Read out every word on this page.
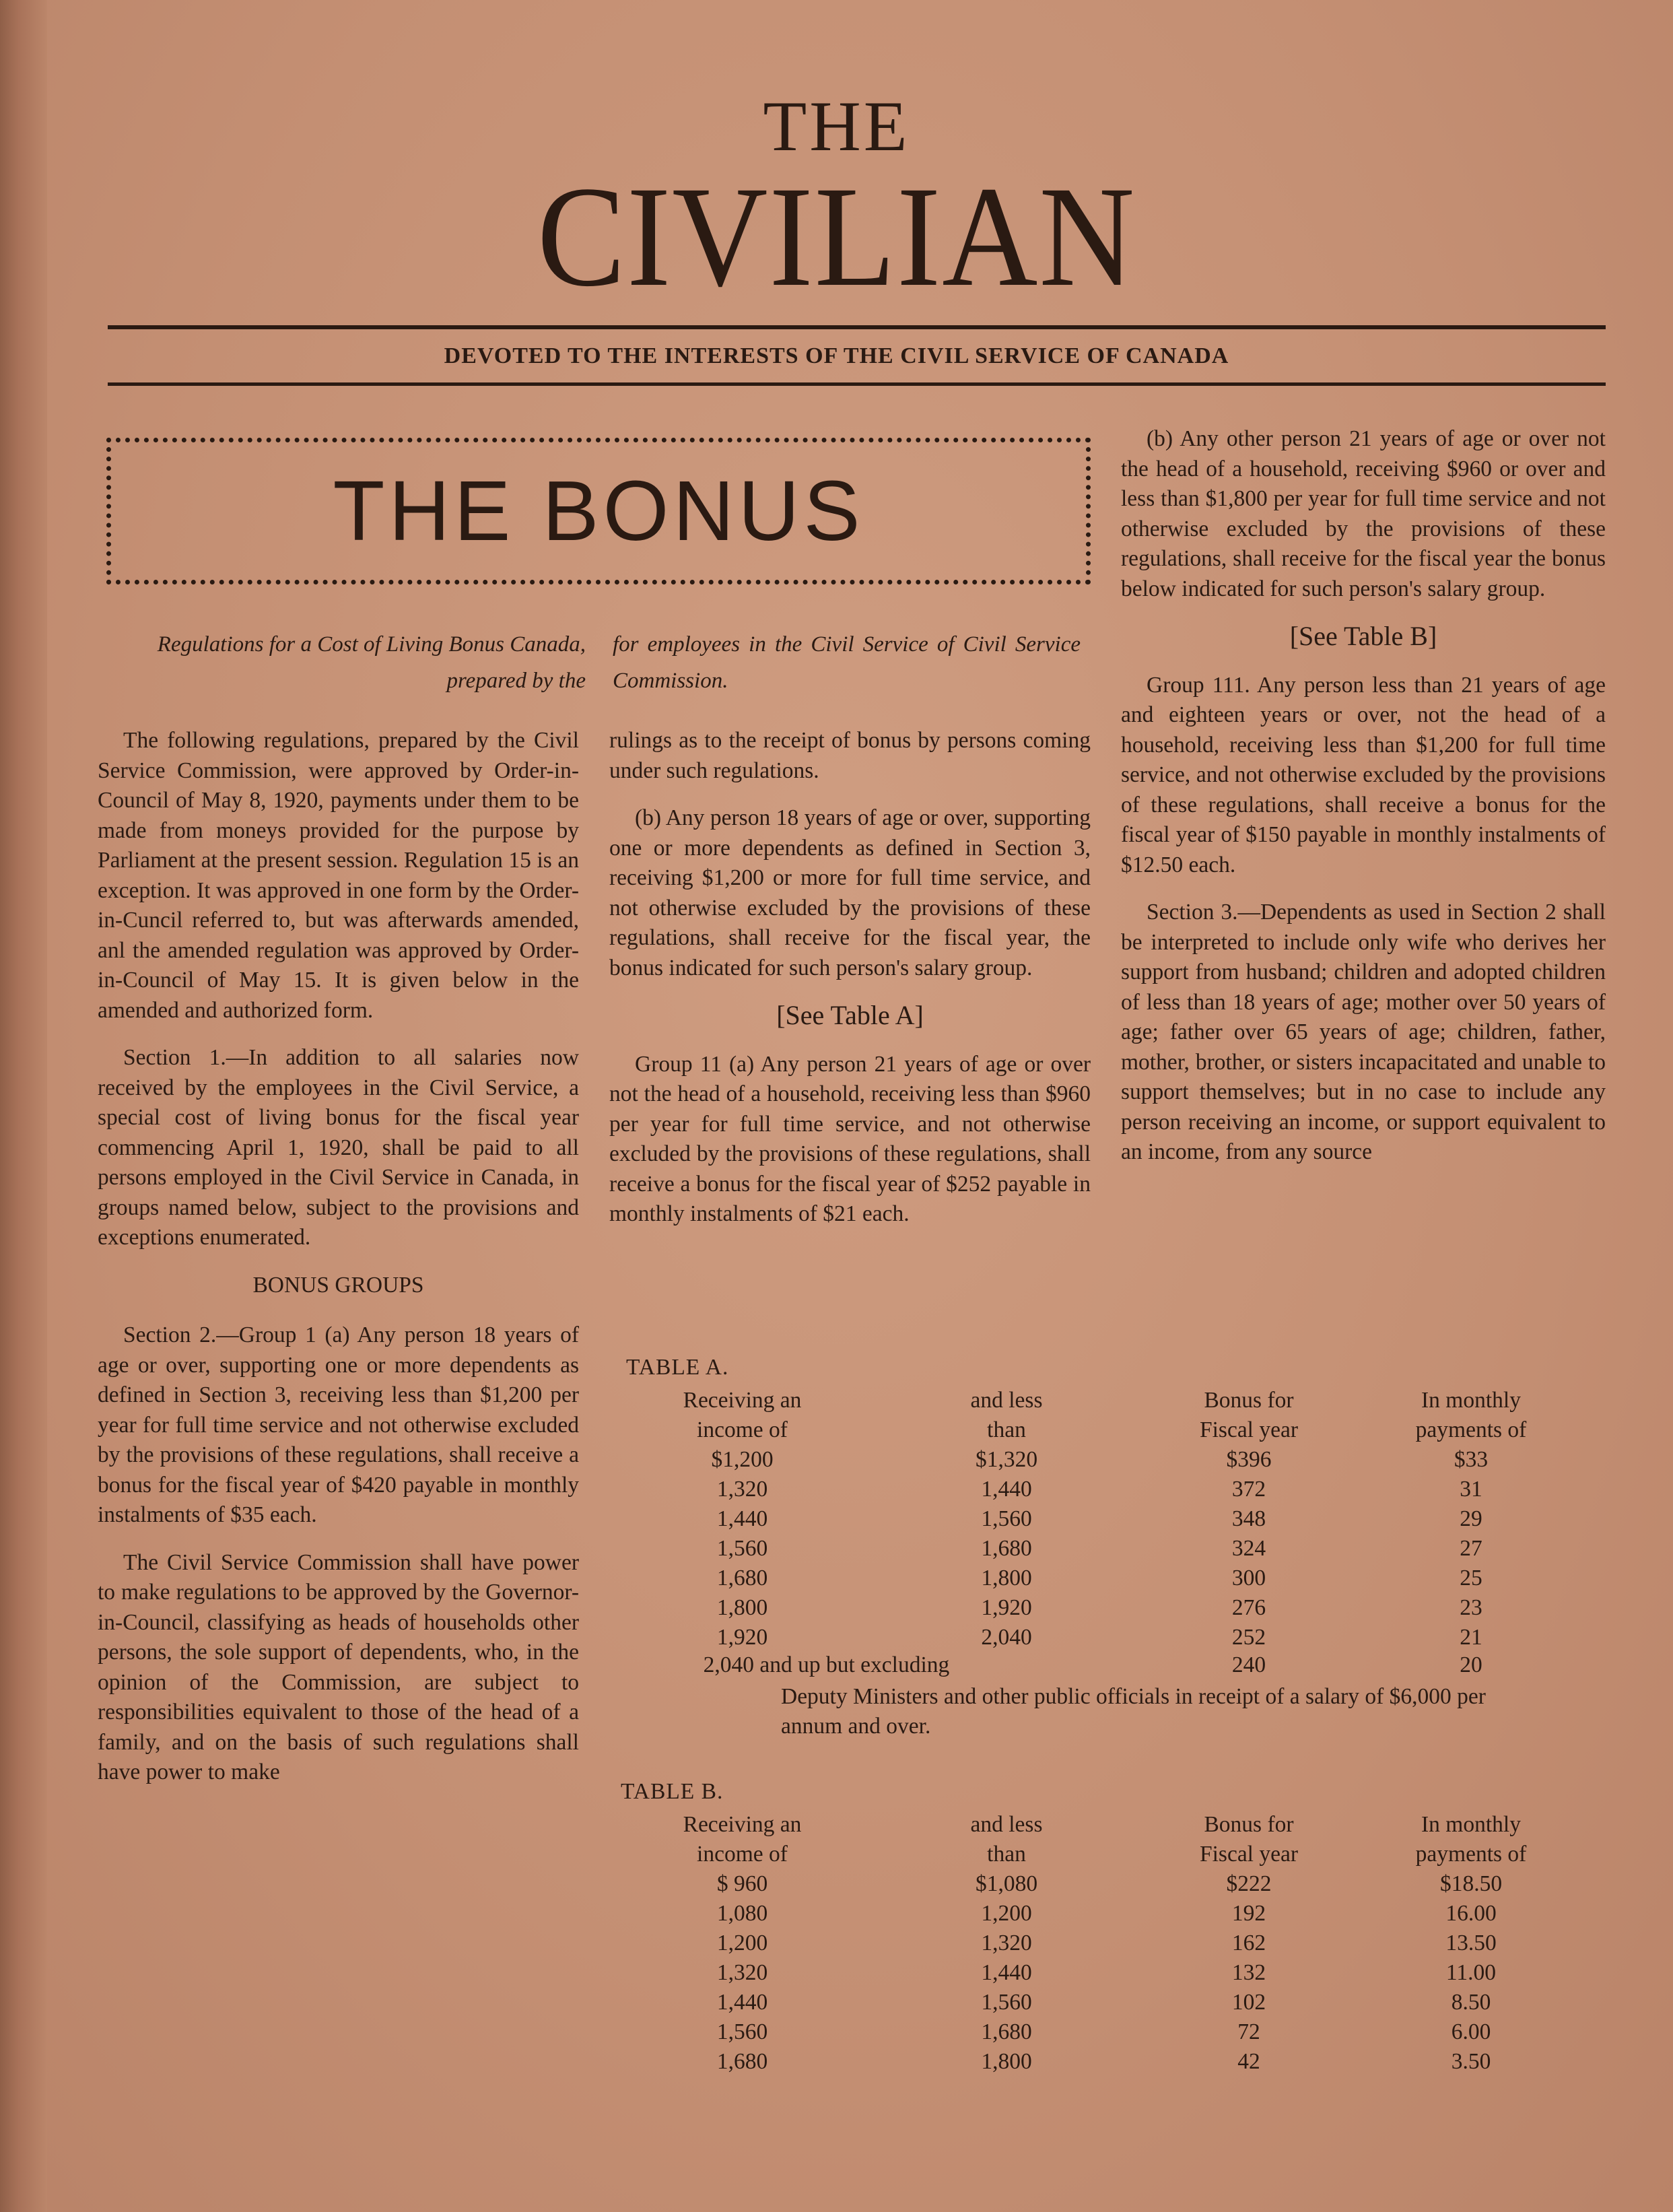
THE
CIVILIAN
DEVOTED TO THE INTERESTS OF THE CIVIL SERVICE OF CANADA
THE BONUS
Regulations for a Cost of Living Bonus Canada, prepared by the
for employees in the Civil Service of Civil Service Commission.

The following regulations, prepared by the Civil Service Commission, were approved by Order-in-Council of May 8, 1920, payments under them to be made from moneys provided for the purpose by Parliament at the present session. Regulation 15 is an exception. It was approved in one form by the Order-in-Cuncil referred to, but was afterwards amended, anl the amended regulation was approved by Order-in-Council of May 15. It is given below in the amended and authorized form.

Section 1.—In addition to all salaries now received by the employees in the Civil Service, a special cost of living bonus for the fiscal year commencing April 1, 1920, shall be paid to all persons employed in the Civil Service in Canada, in groups named below, subject to the provisions and exceptions enumerated.

BONUS GROUPS

Section 2.—Group 1 (a) Any person 18 years of age or over, supporting one or more dependents as defined in Section 3, receiving less than $1,200 per year for full time service and not otherwise excluded by the provisions of these regulations, shall receive a bonus for the fiscal year of $420 payable in monthly instalments of $35 each.

The Civil Service Commission shall have power to make regulations to be approved by the Governor-in-Council, classifying as heads of households other persons, the sole support of dependents, who, in the opinion of the Commission, are subject to responsibilities equivalent to those of the head of a family, and on the basis of such regulations shall have power to make

rulings as to the receipt of bonus by persons coming under such regulations.

(b) Any person 18 years of age or over, supporting one or more dependents as defined in Section 3, receiving $1,200 or more for full time service, and not otherwise excluded by the provisions of these regulations, shall receive for the fiscal year, the bonus indicated for such person's salary group.

[See Table A]

Group 11 (a) Any person 21 years of age or over not the head of a household, receiving less than $960 per year for full time service, and not otherwise excluded by the provisions of these regulations, shall receive a bonus for the fiscal year of $252 payable in monthly instalments of $21 each.

(b) Any other person 21 years of age or over not the head of a household, receiving $960 or over and less than $1,800 per year for full time service and not otherwise excluded by the provisions of these regulations, shall receive for the fiscal year the bonus below indicated for such person's salary group.

[See Table B]

Group 111. Any person less than 21 years of age and eighteen years or over, not the head of a household, receiving less than $1,200 for full time service, and not otherwise excluded by the provisions of these regulations, shall receive a bonus for the fiscal year of $150 payable in monthly instalments of $12.50 each.

Section 3.—Dependents as used in Section 2 shall be interpreted to include only wife who derives her support from husband; children and adopted children of less than 18 years of age; mother over 50 years of age; father over 65 years of age; children, father, mother, brother, or sisters incapacitated and unable to support themselves; but in no case to include any person receiving an income, or support equivalent to an income, from any source

TABLE A.
Receiving an
income of
$1,200
1,320
1,440
1,560
1,680
1,800
1,920
and less
than
$1,320
1,440
1,560
1,680
1,800
1,920
2,040
Bonus for
Fiscal year
$396
372
348
324
300
276
252
In monthly
payments of
$33
31
29
27
25
23
21
2,040 and up but excluding	240	20
Deputy Ministers and other public officials in receipt of a salary of $6,000 per annum and over.
TABLE B.
Receiving an
income of
$ 960
1,080
1,200
1,320
1,440
1,560
1,680
and less
than
$1,080
1,200
1,320
1,440
1,560
1,680
1,800
Bonus for
Fiscal year
$222
192
162
132
102
72
42
In monthly
payments of
$18.50
16.00
13.50
11.00
8.50
6.00
3.50
